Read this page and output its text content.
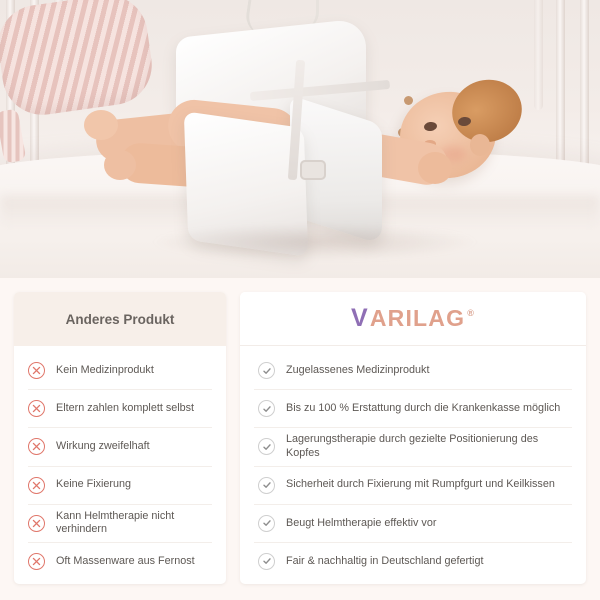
Anderes Produkt
Kein Medizinprodukt
Eltern zahlen komplett selbst
Wirkung zweifelhaft
Keine Fixierung
Kann Helmtherapie nicht verhindern
Oft Massenware aus Fernost
V ARILAG ®
Zugelassenes Medizinprodukt
Bis zu 100 % Erstattung durch die Krankenkasse möglich
Lagerungstherapie durch gezielte Positionierung des Kopfes
Sicherheit durch Fixierung mit Rumpfgurt und Keilkissen
Beugt Helmtherapie effektiv vor
Fair & nachhaltig in Deutschland gefertigt
